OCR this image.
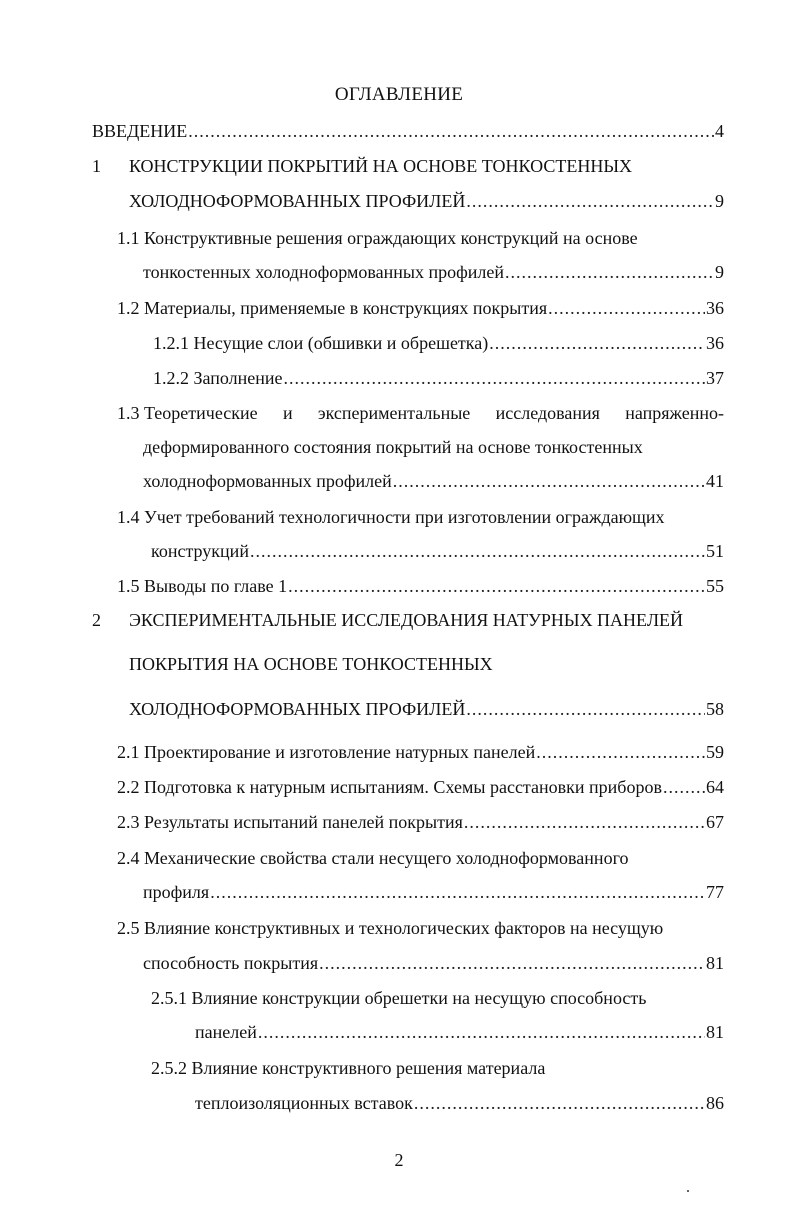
ОГЛАВЛЕНИЕ
ВВЕДЕНИЕ .....	4
1 КОНСТРУКЦИИ ПОКРЫТИЙ НА ОСНОВЕ ТОНКОСТЕННЫХ
ХОЛОДНОФОРМОВАННЫХ ПРОФИЛЕЙ .....	9
1.1 Конструктивные решения ограждающих конструкций на основе
тонкостенных холодноформованных профилей .....	9
1.2 Материалы, применяемые в конструкциях покрытия .....	36
1.2.1 Несущие слои (обшивки и обрешетка) .....	36
1.2.2 Заполнение .....	37
1.3 Теоретические и экспериментальные исследования напряженно-
деформированного состояния покрытий на основе тонкостенных
холодноформованных профилей .....	41
1.4 Учет требований технологичности при изготовлении ограждающих
конструкций .....	51
1.5 Выводы по главе 1 .....	55
2 ЭКСПЕРИМЕНТАЛЬНЫЕ ИССЛЕДОВАНИЯ НАТУРНЫХ ПАНЕЛЕЙ
ПОКРЫТИЯ НА ОСНОВЕ ТОНКОСТЕННЫХ
ХОЛОДНОФОРМОВАННЫХ ПРОФИЛЕЙ .....	58
2.1 Проектирование и изготовление натурных панелей .....	59
2.2 Подготовка к натурным испытаниям. Схемы расстановки приборов ..... 64
2.3 Результаты испытаний панелей покрытия .....	67
2.4 Механические свойства стали несущего холодноформованного
профиля .....	77
2.5 Влияние конструктивных и технологических факторов на несущую
способность покрытия .....	81
2.5.1 Влияние конструкции обрешетки на несущую способность
панелей .....	81
2.5.2 Влияние конструктивного решения материала
теплоизоляционных вставок .....	86
2
